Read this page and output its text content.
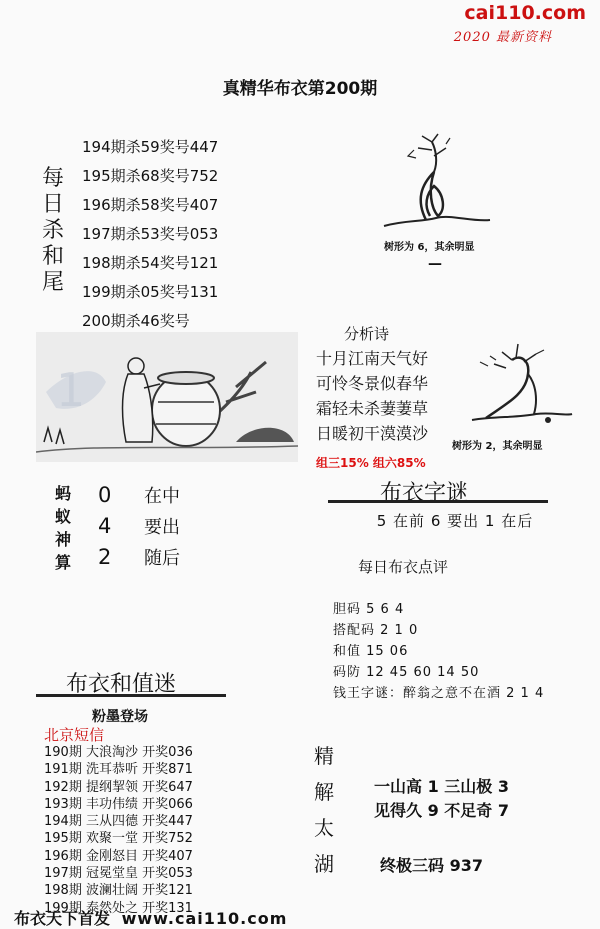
cai110.com
2020 最新资料
真精华布衣第200期
每
日
杀
和
尾
194期杀59奖号447
195期杀68奖号752
196期杀58奖号407
197期杀53奖号053
198期杀54奖号121
199期杀05奖号131
200期杀46奖号
树形为 6，其余明显
—
树形为 2，其余明显
1
分析诗
十月江南天气好
可怜冬景似春华
霜轻未杀萋萋草
日暖初干漠漠沙
组三15% 组六85%
蚂
蚁
神
算
0	在中
4	要出
2	随后
布衣字谜
5 在前 6 要出 1 在后
每日布衣点评
胆码 5 6 4
搭配码 2 1 0
和值 15 06
码防 12 45 60 14 50
钱王字谜：醉翁之意不在酒 2 1 4
布衣和值迷
粉墨登场
北京短信
190期 大浪淘沙 开奖036
191期 洗耳恭听 开奖871
192期 提纲挈领 开奖647
193期 丰功伟绩 开奖066
194期 三从四德 开奖447
195期 欢聚一堂 开奖752
196期 金刚怒目 开奖407
197期 冠冕堂皇 开奖053
198期 波澜壮阔 开奖121
199期 泰然处之 开奖131
精
解
太
湖
一山高 1 三山极 3
见得久 9 不足奇 7
终极三码 937
布衣天下首发 www.cai110.com
